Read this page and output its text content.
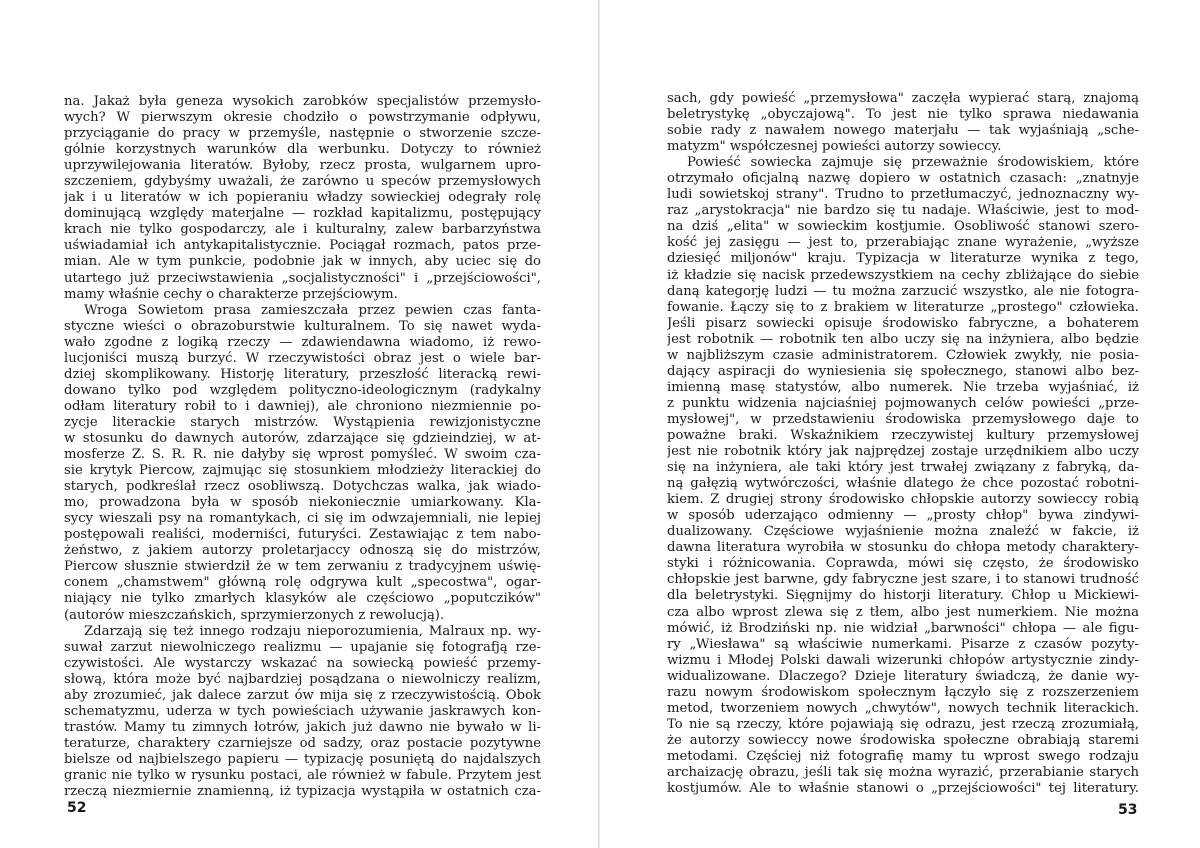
na. Jakaż była geneza wysokich zarobków specjalistów przemysło-
wych? W pierwszym okresie chodziło o powstrzymanie odpływu,
przyciąganie do pracy w przemyśle, następnie o stworzenie szcze-
gólnie korzystnych warunków dla werbunku. Dotyczy to również
uprzywilejowania literatów. Byłoby, rzecz prosta, wulgarnem upro-
szczeniem, gdybyśmy uważali, że zarówno u speców przemysłowych
jak i u literatów w ich popieraniu władzy sowieckiej odegrały rolę
dominującą względy materjalne — rozkład kapitalizmu, postępujący
krach nie tylko gospodarczy, ale i kulturalny, zalew barbarzyństwa
uświadamiał ich antykapitalistycznie. Pociągał rozmach, patos prze-
mian. Ale w tym punkcie, podobnie jak w innych, aby uciec się do
utartego już przeciwstawienia „socjalistyczności" i „przejściowości",
mamy właśnie cechy o charakterze przejściowym.
Wroga Sowietom prasa zamieszczała przez pewien czas fanta-
styczne wieści o obrazoburstwie kulturalnem. To się nawet wyda-
wało zgodne z logiką rzeczy — zdawiendawna wiadomo, iż rewo-
lucjoniści muszą burzyć. W rzeczywistości obraz jest o wiele bar-
dziej skomplikowany. Historję literatury, przeszłość literacką rewi-
dowano tylko pod względem polityczno-ideologicznym (radykalny
odłam literatury robił to i dawniej), ale chroniono niezmiennie po-
zycje literackie starych mistrzów. Wystąpienia rewizjonistyczne
w stosunku do dawnych autorów, zdarzające się gdzieindziej, w at-
mosferze Z. S. R. R. nie dałyby się wprost pomyśleć. W swoim cza-
sie krytyk Piercow, zajmując się stosunkiem młodzieży literackiej do
starych, podkreślał rzecz osobliwszą. Dotychczas walka, jak wiado-
mo, prowadzona była w sposób niekoniecznie umiarkowany. Kla-
sycy wieszali psy na romantykach, ci się im odwzajemniali, nie lepiej
postępowali realiści, moderniści, futuryści. Zestawiając z tem nabo-
żeństwo, z jakiem autorzy proletarjaccy odnoszą się do mistrzów,
Piercow słusznie stwierdził że w tem zerwaniu z tradycyjnem uświę-
conem „chamstwem" główną rolę odgrywa kult „specostwa", ogar-
niający nie tylko zmarłych klasyków ale częściowo „poputczików"
(autorów mieszczańskich, sprzymierzonych z rewolucją).
Zdarzają się też innego rodzaju nieporozumienia, Malraux np. wy-
suwał zarzut niewolniczego realizmu — upajanie się fotografją rze-
czywistości. Ale wystarczy wskazać na sowiecką powieść przemy-
słową, która może być najbardziej posądzana o niewolniczy realizm,
aby zrozumieć, jak dalece zarzut ów mija się z rzeczywistością. Obok
schematyzmu, uderza w tych powieściach używanie jaskrawych kon-
trastów. Mamy tu zimnych łotrów, jakich już dawno nie bywało w li-
teraturze, charaktery czarniejsze od sadzy, oraz postacie pozytywne
bielsze od najbielszego papieru — typizację posuniętą do najdalszych
granic nie tylko w rysunku postaci, ale również w fabule. Przytem jest
rzeczą niezmiernie znamienną, iż typizacja wystąpiła w ostatnich cza-
52
sach, gdy powieść „przemysłowa" zaczęła wypierać starą, znajomą
beletrystykę „obyczajową". To jest nie tylko sprawa niedawania
sobie rady z nawałem nowego materjału — tak wyjaśniają „sche-
matyzm" współczesnej powieści autorzy sowieccy.
Powieść sowiecka zajmuje się przeważnie środowiskiem, które
otrzymało oficjalną nazwę dopiero w ostatnich czasach: „znatnyje
ludi sowietskoj strany". Trudno to przetłumaczyć, jednoznaczny wy-
raz „arystokracja" nie bardzo się tu nadaje. Właściwie, jest to mod-
na dziś „elita" w sowieckim kostjumie. Osobliwość stanowi szero-
kość jej zasięgu — jest to, przerabiając znane wyrażenie, „wyższe
dziesięć miljonów" kraju. Typizacja w literaturze wynika z tego,
iż kładzie się nacisk przedewszystkiem na cechy zbliżające do siebie
daną kategorję ludzi — tu można zarzucić wszystko, ale nie fotogra-
fowanie. Łączy się to z brakiem w literaturze „prostego" człowieka.
Jeśli pisarz sowiecki opisuje środowisko fabryczne, a bohaterem
jest robotnik — robotnik ten albo uczy się na inżyniera, albo będzie
w najbliższym czasie administratorem. Człowiek zwykły, nie posia-
dający aspiracji do wyniesienia się społecznego, stanowi albo bez-
imienną masę statystów, albo numerek. Nie trzeba wyjaśniać, iż
z punktu widzenia najciaśniej pojmowanych celów powieści „prze-
mysłowej", w przedstawieniu środowiska przemysłowego daje to
poważne braki. Wskaźnikiem rzeczywistej kultury przemysłowej
jest nie robotnik który jak najprędzej zostaje urzędnikiem albo uczy
się na inżyniera, ale taki który jest trwałej związany z fabryką, da-
ną gałęzią wytwórczości, właśnie dlatego że chce pozostać robotni-
kiem. Z drugiej strony środowisko chłopskie autorzy sowieccy robią
w sposób uderzająco odmienny — „prosty chłop" bywa zindywi-
dualizowany. Częściowe wyjaśnienie można znaleźć w fakcie, iż
dawna literatura wyrobiła w stosunku do chłopa metody charaktery-
styki i różnicowania. Coprawda, mówi się często, że środowisko
chłopskie jest barwne, gdy fabryczne jest szare, i to stanowi trudność
dla beletrystyki. Sięgnijmy do historji literatury. Chłop u Mickiewi-
cza albo wprost zlewa się z tłem, albo jest numerkiem. Nie można
mówić, iż Brodziński np. nie widział „barwności" chłopa — ale figu-
ry „Wiesława" są właściwie numerkami. Pisarze z czasów pozyty-
wizmu i Młodej Polski dawali wizerunki chłopów artystycznie zindy-
widualizowane. Dlaczego? Dzieje literatury świadczą, że danie wy-
razu nowym środowiskom społecznym łączyło się z rozszerzeniem
metod, tworzeniem nowych „chwytów", nowych technik literackich.
To nie są rzeczy, które pojawiają się odrazu, jest rzeczą zrozumiałą,
że autorzy sowieccy nowe środowiska społeczne obrabiają staremi
metodami. Częściej niż fotografię mamy tu wprost swego rodzaju
archaizację obrazu, jeśli tak się można wyrazić, przerabianie starych
kostjumów. Ale to właśnie stanowi o „przejściowości" tej literatury.
53
